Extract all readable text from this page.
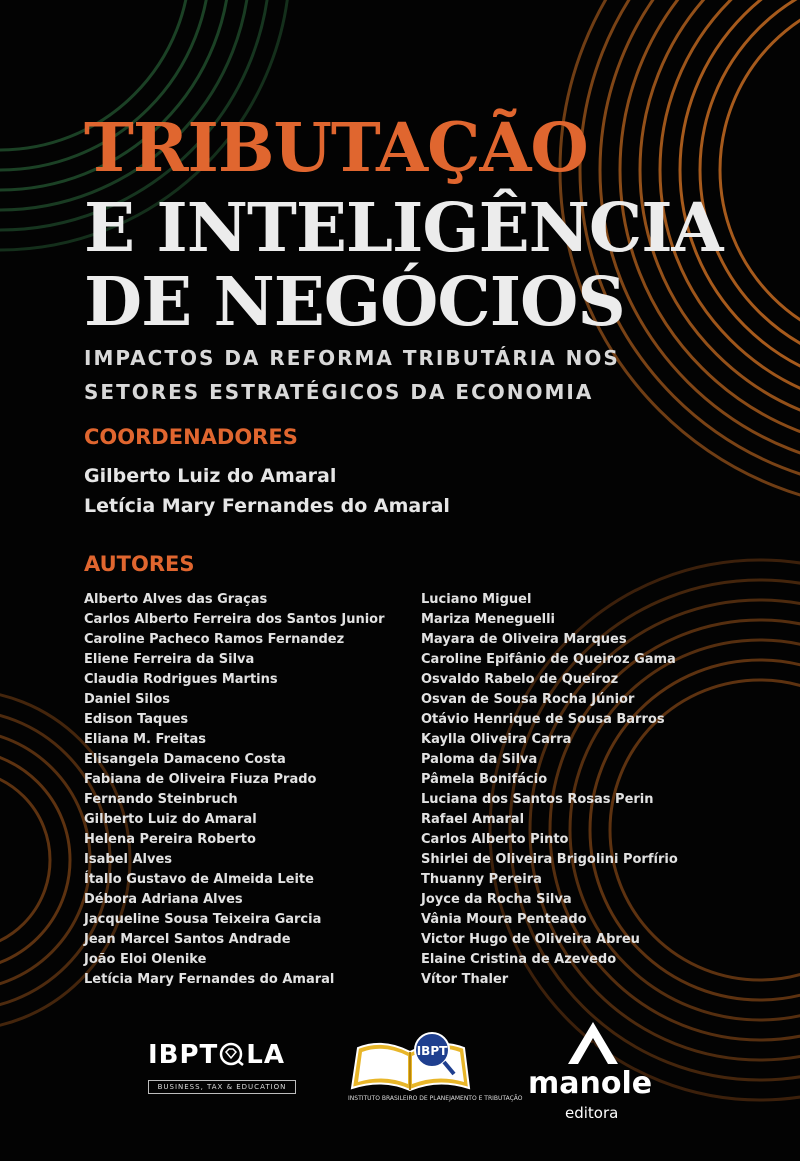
TRIBUTAÇÃO
E INTELIGÊNCIA
DE NEGÓCIOS
IMPACTOS DA REFORMA TRIBUTÁRIA NOS
SETORES ESTRATÉGICOS DA ECONOMIA
COORDENADORES
Gilberto Luiz do Amaral
Letícia Mary Fernandes do Amaral
AUTORES
Alberto Alves das Graças
Carlos Alberto Ferreira dos Santos Junior
Caroline Pacheco Ramos Fernandez
Eliene Ferreira da Silva
Claudia Rodrigues Martins
Daniel Silos
Edison Taques
Eliana M. Freitas
Elisangela Damaceno Costa
Fabiana de Oliveira Fiuza Prado
Fernando Steinbruch
Gilberto Luiz do Amaral
Helena Pereira Roberto
Isabel Alves
Ítallo Gustavo de Almeida Leite
Débora Adriana Alves
Jacqueline Sousa Teixeira Garcia
Jean Marcel Santos Andrade
João Eloi Olenike
Letícia Mary Fernandes do Amaral
Luciano Miguel
Mariza Meneguelli
Mayara de Oliveira Marques
Caroline Epifânio de Queiroz Gama
Osvaldo Rabelo de Queiroz
Osvan de Sousa Rocha Júnior
Otávio Henrique de Sousa Barros
Kaylla Oliveira Carra
Paloma da Silva
Pâmela Bonifácio
Luciana dos Santos Rosas Perin
Rafael Amaral
Carlos Alberto Pinto
Shirlei de Oliveira Brigolini Porfírio
Thuanny Pereira
Joyce da Rocha Silva
Vânia Moura Penteado
Victor Hugo de Oliveira Abreu
Elaine Cristina de Azevedo
Vítor Thaler
IBPT LA
BUSINESS, TAX & EDUCATION
IBPT
INSTITUTO BRASILEIRO DE PLANEJAMENTO E TRIBUTAÇÃO manole
editora
